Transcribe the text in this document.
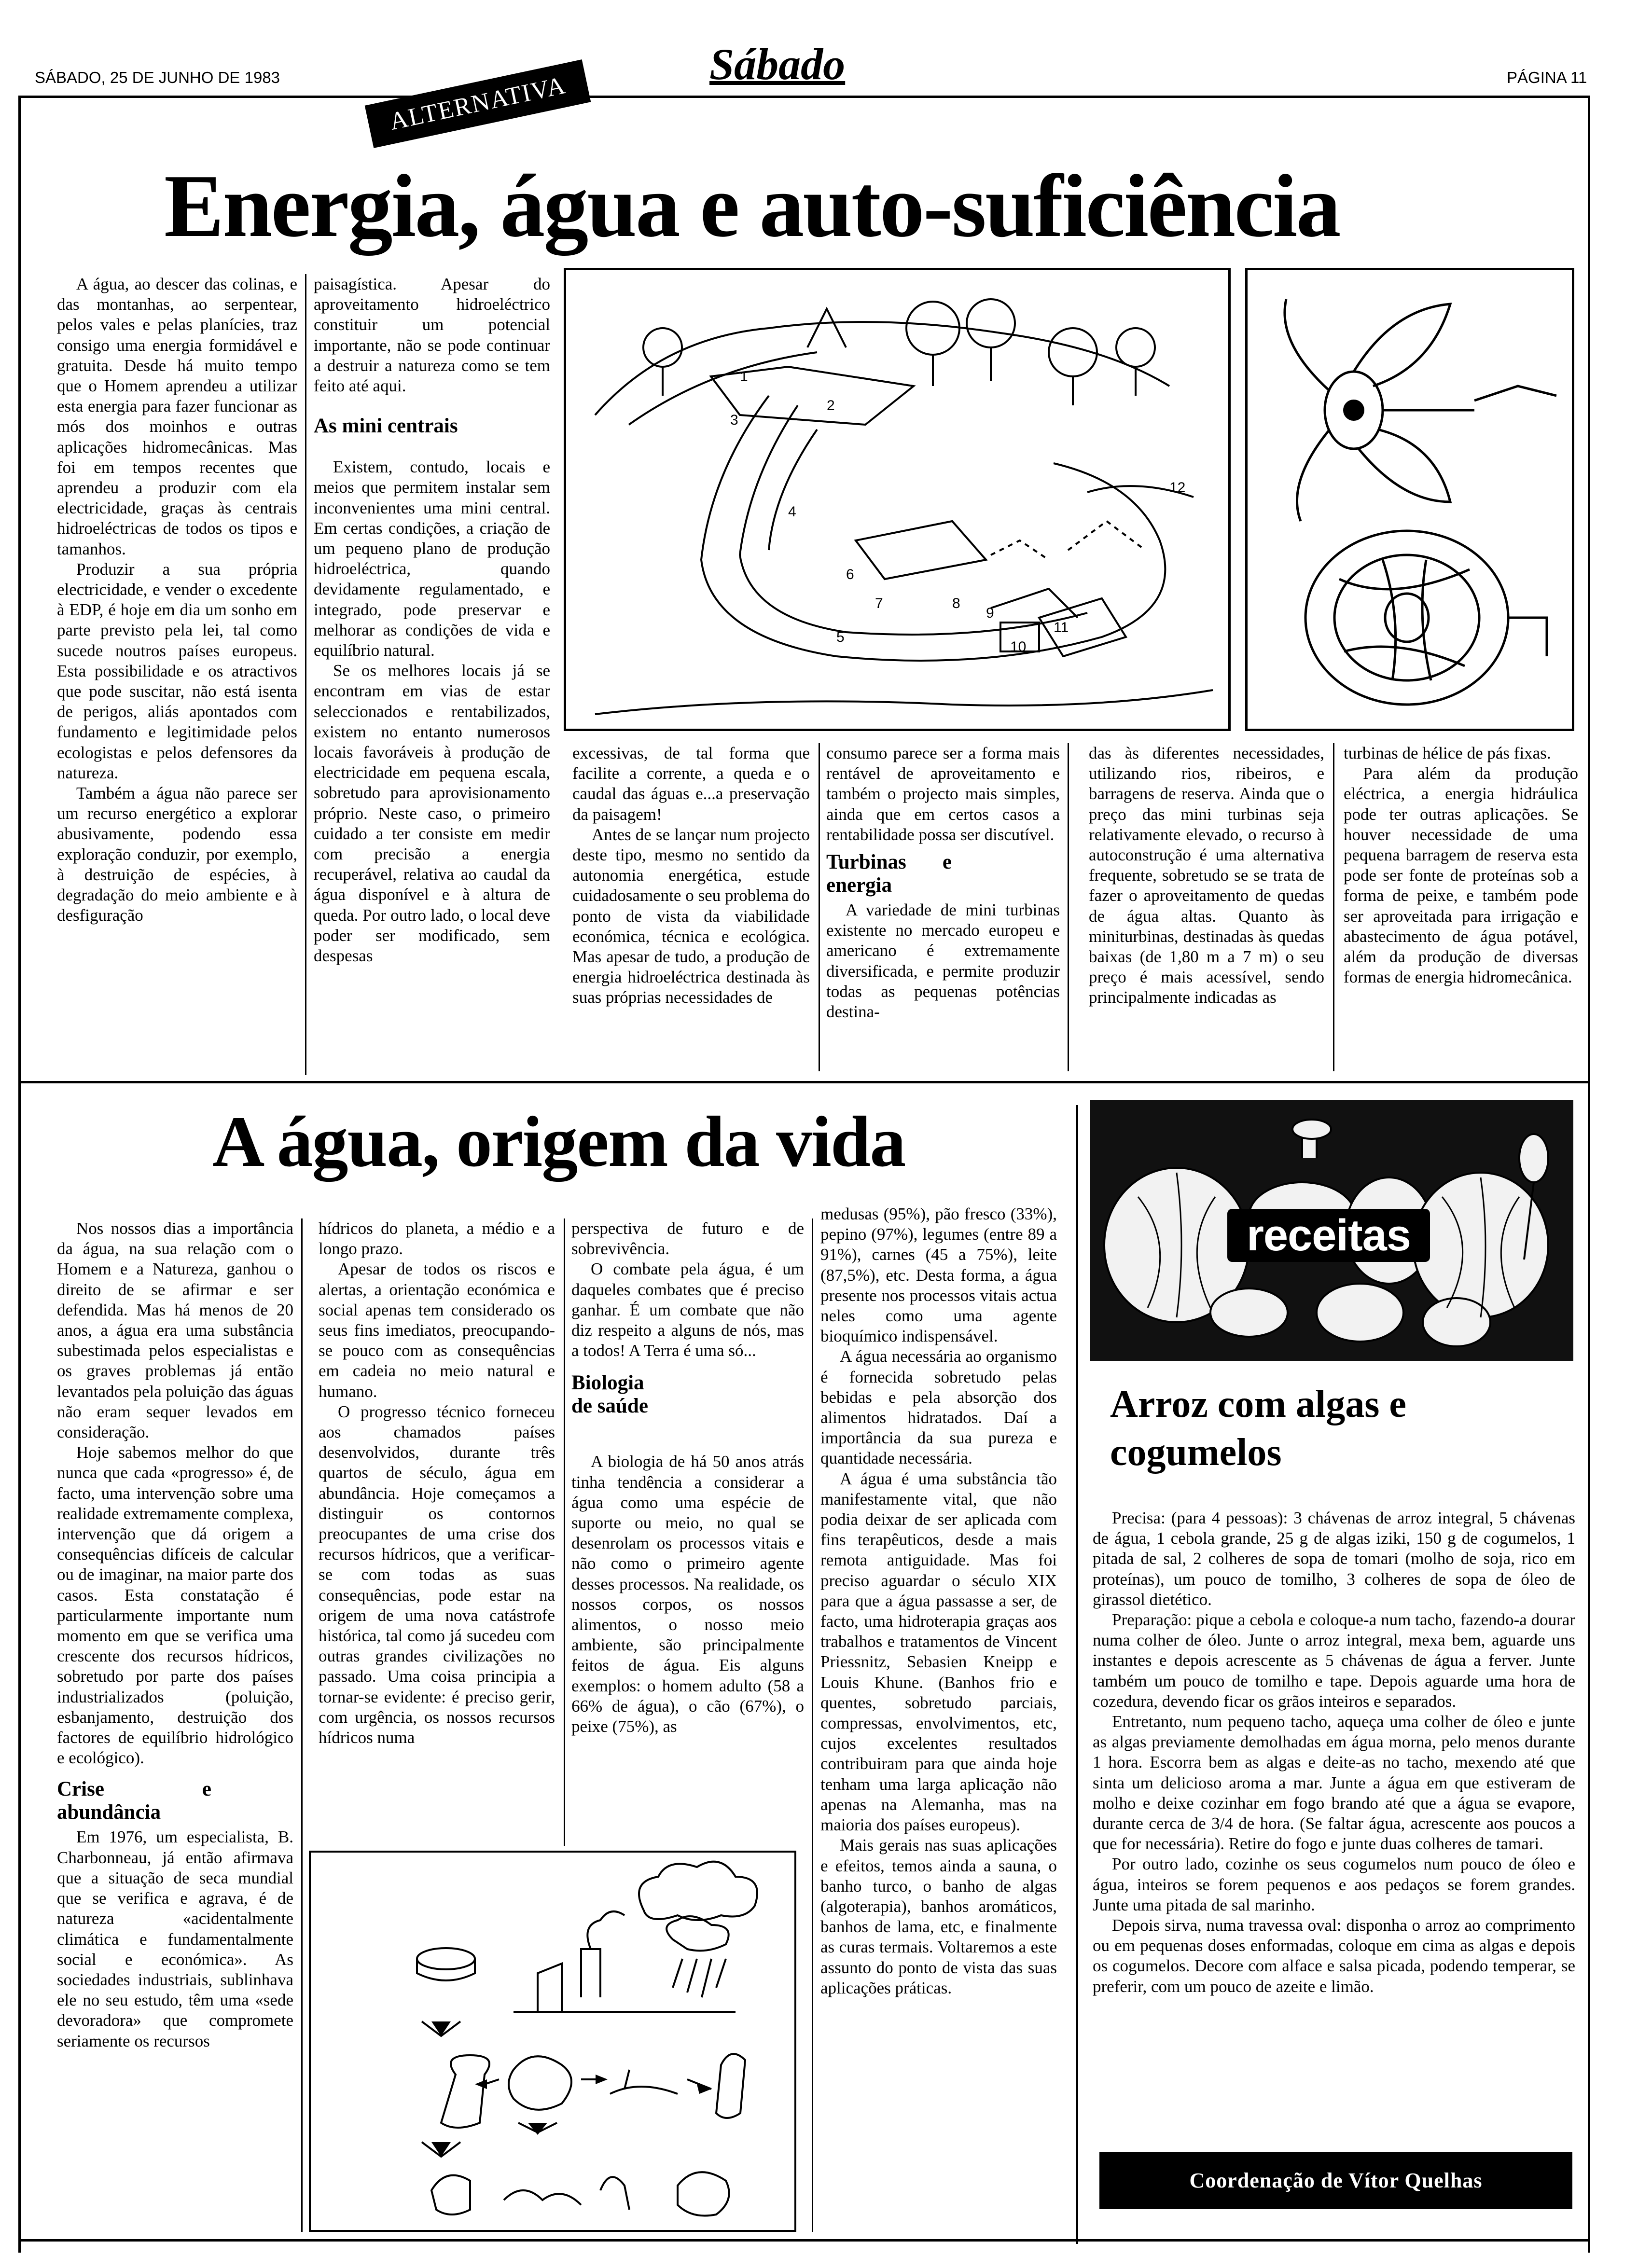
SÁBADO, 25 DE JUNHO DE 1983	Sábado	PÁGINA 11
ALTERNATIVA
Energia, água e auto-suficiência

A água, ao descer das colinas, e das montanhas, ao serpentear, pelos vales e pelas planícies, traz consigo uma energia formidável e gratuita. Desde há muito tempo que o Homem aprendeu a utilizar esta energia para fazer funcionar as mós dos moinhos e outras aplicações hidromecânicas. Mas foi em tempos recentes que aprendeu a produzir com ela electricidade, graças às centrais hidroeléctricas de todos os tipos e tamanhos.

Produzir a sua própria electricidade, e vender o excedente à EDP, é hoje em dia um sonho em parte previsto pela lei, tal como sucede noutros países europeus. Esta possibilidade e os atractivos que pode suscitar, não está isenta de perigos, aliás apontados com fundamento e legitimidade pelos ecologistas e pelos defensores da natureza.

Também a água não parece ser um recurso energético a explorar abusivamente, podendo essa exploração conduzir, por exemplo, à destruição de espécies, à degradação do meio ambiente e à desfiguração

paisagística. Apesar do aproveitamento hidroeléctrico constituir um potencial importante, não se pode continuar a destruir a natureza como se tem feito até aqui.

As mini centrais

Existem, contudo, locais e meios que permitem instalar sem inconvenientes uma mini central. Em certas condições, a criação de um pequeno plano de produção hidroeléctrica, quando devidamente regulamentado, e integrado, pode preservar e melhorar as condições de vida e equilíbrio natural.

Se os melhores locais já se encontram em vias de estar seleccionados e rentabilizados, existem no entanto numerosos locais favoráveis à produção de electricidade em pequena escala, sobretudo para aprovisionamento próprio. Neste caso, o primeiro cuidado a ter consiste em medir com precisão a energia recuperável, relativa ao caudal da água disponível e à altura de queda. Por outro lado, o local deve poder ser modificado, sem despesas

1
2
3
4
5
6
7	8
9
10
11
12

excessivas, de tal forma que facilite a corrente, a queda e o caudal das águas e...a preservação da paisagem!

Antes de se lançar num projecto deste tipo, mesmo no sentido da autonomia energética, estude cuidadosamente o seu problema do ponto de vista da viabilidade económica, técnica e ecológica. Mas apesar de tudo, a produção de energia hidroeléctrica destinada às suas próprias necessidades de

consumo parece ser a forma mais rentável de aproveitamento e também o projecto mais simples, ainda que em certos casos a rentabilidade possa ser discutível.

Turbinas e energia

A variedade de mini turbinas existente no mercado europeu e americano é extremamente diversificada, e permite produzir todas as pequenas potências destina-

das às diferentes necessidades, utilizando rios, ribeiros, e barragens de reserva. Ainda que o preço das mini turbinas seja relativamente elevado, o recurso à autoconstrução é uma alternativa frequente, sobretudo se se trata de fazer o aproveitamento de quedas de água altas. Quanto às miniturbinas, destinadas às quedas baixas (de 1,80 m a 7 m) o seu preço é mais acessível, sendo principalmente indicadas as

turbinas de hélice de pás fixas.

Para além da produção eléctrica, a energia hidráulica pode ter outras aplicações. Se houver necessidade de uma pequena barragem de reserva esta pode ser fonte de proteínas sob a forma de peixe, e também pode ser aproveitada para irrigação e abastecimento de água potável, além da produção de diversas formas de energia hidromecânica.

A água, origem da vida

Nos nossos dias a importância da água, na sua relação com o Homem e a Natureza, ganhou o direito de se afirmar e ser defendida. Mas há menos de 20 anos, a água era uma substância subestimada pelos especialistas e os graves problemas já então levantados pela poluição das águas não eram sequer levados em consideração.

Hoje sabemos melhor do que nunca que cada «progresso» é, de facto, uma intervenção sobre uma realidade extremamente complexa, intervenção que dá origem a consequências difíceis de calcular ou de imaginar, na maior parte dos casos. Esta constatação é particularmente importante num momento em que se verifica uma crescente dos recursos hídricos, sobretudo por parte dos países industrializados (poluição, esbanjamento, destruição dos factores de equilíbrio hidrológico e ecológico).

Crise e abundância

Em 1976, um especialista, B. Charbonneau, já então afirmava que a situação de seca mundial que se verifica e agrava, é de natureza «acidentalmente climática e fundamentalmente social e económica». As sociedades industriais, sublinhava ele no seu estudo, têm uma «sede devoradora» que compromete seriamente os recursos

hídricos do planeta, a médio e a longo prazo.

Apesar de todos os riscos e alertas, a orientação económica e social apenas tem considerado os seus fins imediatos, preocupando-se pouco com as consequências em cadeia no meio natural e humano.

O progresso técnico forneceu aos chamados países desenvolvidos, durante três quartos de século, água em abundância. Hoje começamos a distinguir os contornos preocupantes de uma crise dos recursos hídricos, que a verificar-se com todas as suas consequências, pode estar na origem de uma nova catástrofe histórica, tal como já sucedeu com outras grandes civilizações no passado. Uma coisa principia a tornar-se evidente: é preciso gerir, com urgência, os nossos recursos hídricos numa

perspectiva de futuro e de sobrevivência.

O combate pela água, é um daqueles combates que é preciso ganhar. É um combate que não diz respeito a alguns de nós, mas a todos! A Terra é uma só...

Biologia de saúde

A biologia de há 50 anos atrás tinha tendência a considerar a água como uma espécie de suporte ou meio, no qual se desenrolam os processos vitais e não como o primeiro agente desses processos. Na realidade, os nossos corpos, os nossos alimentos, o nosso meio ambiente, são principalmente feitos de água. Eis alguns exemplos: o homem adulto (58 a 66% de água), o cão (67%), o peixe (75%), as

medusas (95%), pão fresco (33%), pepino (97%), legumes (entre 89 a 91%), carnes (45 a 75%), leite (87,5%), etc. Desta forma, a água presente nos processos vitais actua neles como uma agente bioquímico indispensável.

A água necessária ao organismo é fornecida sobretudo pelas bebidas e pela absorção dos alimentos hidratados. Daí a importância da sua pureza e quantidade necessária.

A água é uma substância tão manifestamente vital, que não podia deixar de ser aplicada com fins terapêuticos, desde a mais remota antiguidade. Mas foi preciso aguardar o século XIX para que a água passasse a ser, de facto, uma hidroterapia graças aos trabalhos e tratamentos de Vincent Priessnitz, Sebasien Kneipp e Louis Khune. (Banhos frio e quentes, sobretudo parciais, compressas, envolvimentos, etc, cujos excelentes resultados contribuiram para que ainda hoje tenham uma larga aplicação não apenas na Alemanha, mas na maioria dos países europeus).

Mais gerais nas suas aplicações e efeitos, temos ainda a sauna, o banho turco, o banho de algas (algoterapia), banhos aromáticos, banhos de lama, etc, e finalmente as curas termais. Voltaremos a este assunto do ponto de vista das suas aplicações práticas.

receitas
Arroz com algas e cogumelos

Precisa: (para 4 pessoas): 3 chávenas de arroz integral, 5 chávenas de água, 1 cebola grande, 25 g de algas iziki, 150 g de cogumelos, 1 pitada de sal, 2 colheres de sopa de tomari (molho de soja, rico em proteínas), um pouco de tomilho, 3 colheres de sopa de óleo de girassol dietético.

Preparação: pique a cebola e coloque-a num tacho, fazendo-a dourar numa colher de óleo. Junte o arroz integral, mexa bem, aguarde uns instantes e depois acrescente as 5 chávenas de água a ferver. Junte também um pouco de tomilho e tape. Depois aguarde uma hora de cozedura, devendo ficar os grãos inteiros e separados.

Entretanto, num pequeno tacho, aqueça uma colher de óleo e junte as algas previamente demolhadas em água morna, pelo menos durante 1 hora. Escorra bem as algas e deite-as no tacho, mexendo até que sinta um delicioso aroma a mar. Junte a água em que estiveram de molho e deixe cozinhar em fogo brando até que a água se evapore, durante cerca de 3/4 de hora. (Se faltar água, acrescente aos poucos a que for necessária). Retire do fogo e junte duas colheres de tamari.

Por outro lado, cozinhe os seus cogumelos num pouco de óleo e água, inteiros se forem pequenos e aos pedaços se forem grandes. Junte uma pitada de sal marinho.

Depois sirva, numa travessa oval: disponha o arroz ao comprimento ou em pequenas doses enformadas, coloque em cima as algas e depois os cogumelos. Decore com alface e salsa picada, podendo temperar, se preferir, com um pouco de azeite e limão.

Coordenação de Vítor Quelhas
